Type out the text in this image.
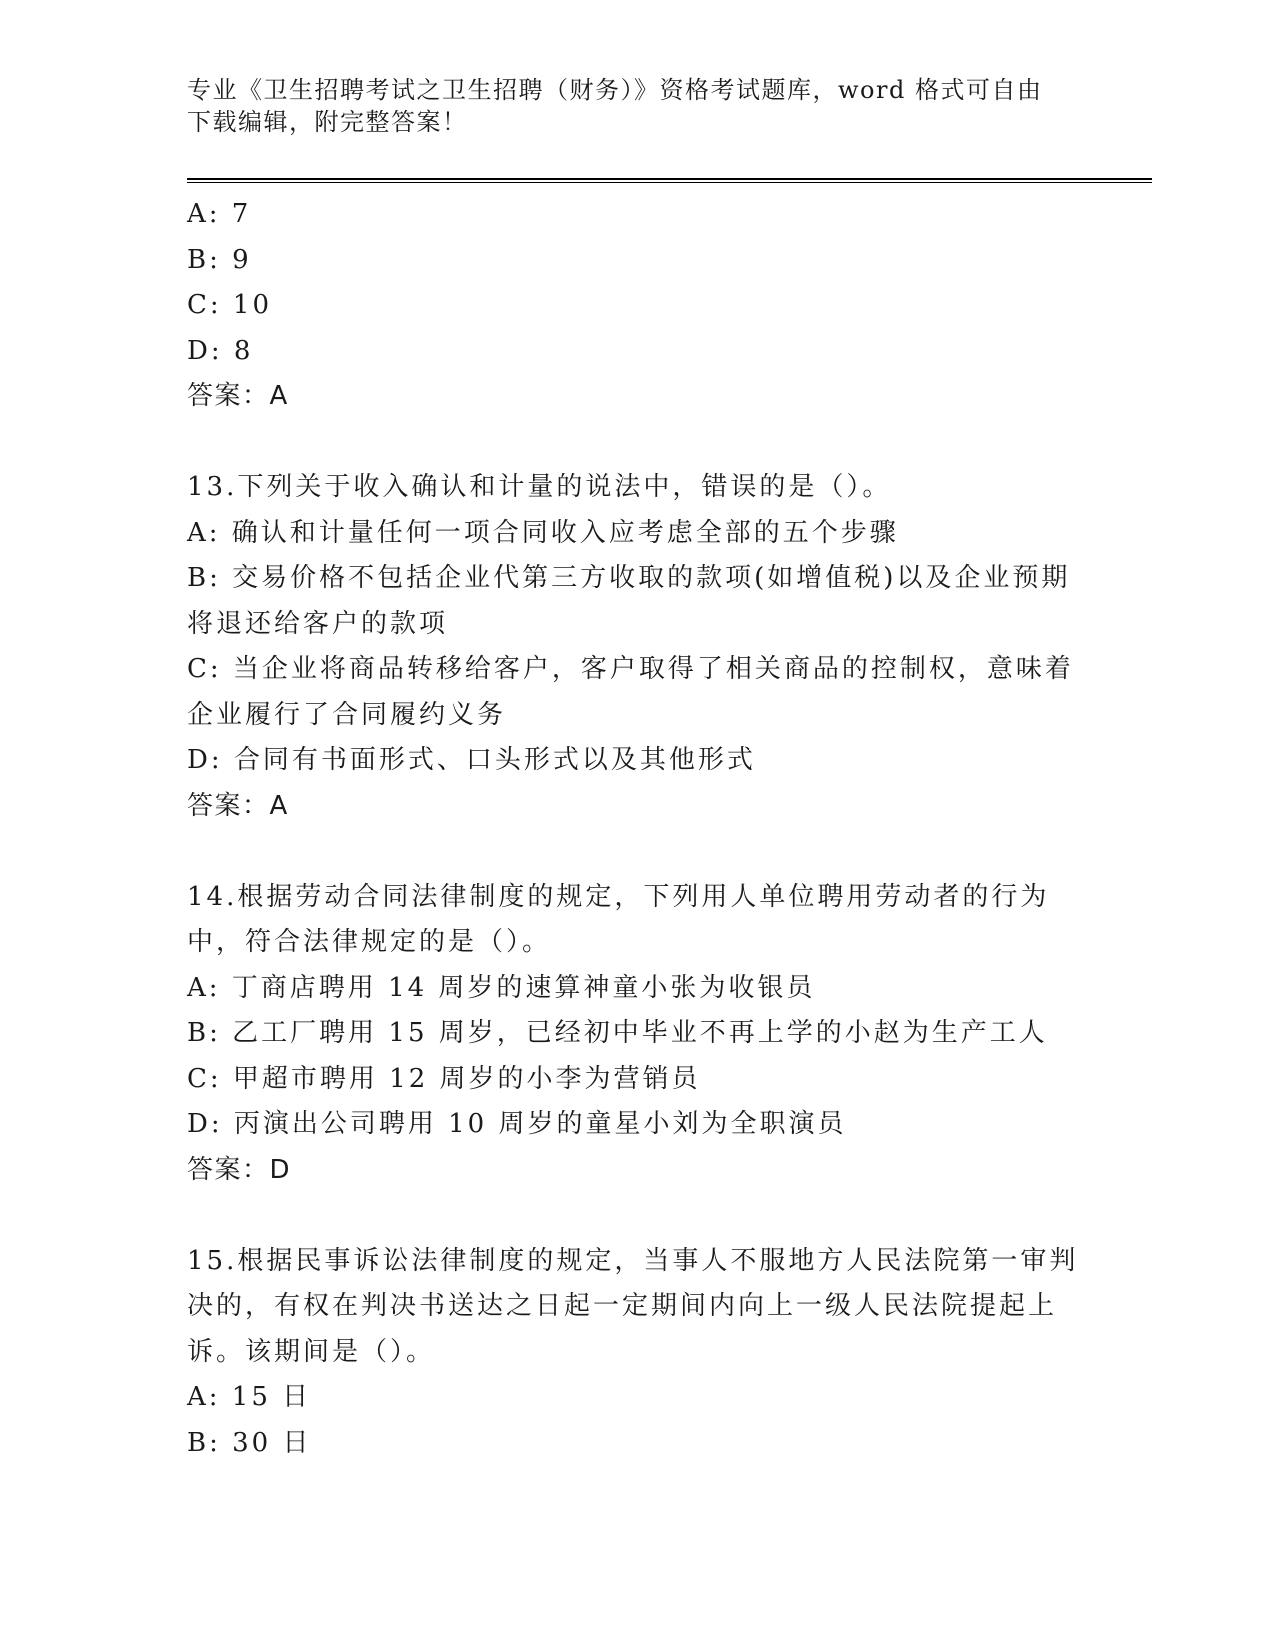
专业《卫生招聘考试之卫生招聘（财务）》资格考试题库，word 格式可自由下载编辑，附完整答案！
A: 7
B: 9
C: 10
D: 8
答案：A
13.下列关于收入确认和计量的说法中，错误的是（）。
A: 确认和计量任何一项合同收入应考虑全部的五个步骤
B: 交易价格不包括企业代第三方收取的款项(如增值税)以及企业预期将退还给客户的款项
C: 当企业将商品转移给客户，客户取得了相关商品的控制权，意味着企业履行了合同履约义务
D: 合同有书面形式、口头形式以及其他形式
答案：A
14.根据劳动合同法律制度的规定，下列用人单位聘用劳动者的行为中，符合法律规定的是（）。
A: 丁商店聘用 14 周岁的速算神童小张为收银员
B: 乙工厂聘用 15 周岁，已经初中毕业不再上学的小赵为生产工人
C: 甲超市聘用 12 周岁的小李为营销员
D: 丙演出公司聘用 10 周岁的童星小刘为全职演员
答案：D
15.根据民事诉讼法律制度的规定，当事人不服地方人民法院第一审判决的，有权在判决书送达之日起一定期间内向上一级人民法院提起上诉。该期间是（）。
A: 15 日
B: 30 日
